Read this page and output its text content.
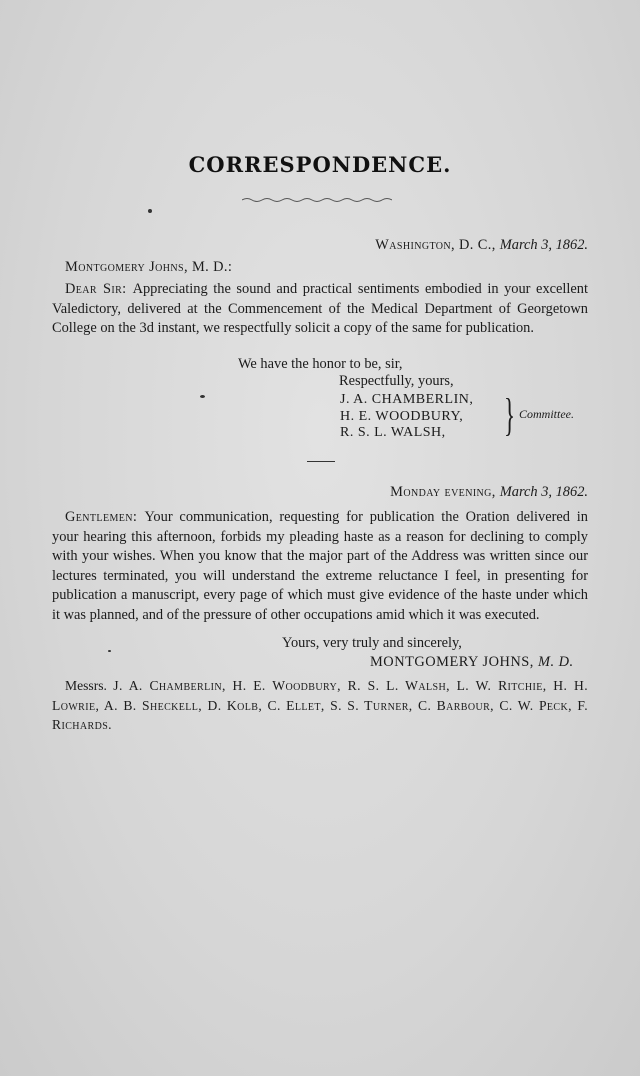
CORRESPONDENCE.

Washington, D. C., March 3, 1862.

Montgomery Johns, M. D.:

Dear Sir: Appreciating the sound and practical sentiments embodied in your excellent Valedictory, delivered at the Commencement of the Medical Department of Georgetown College on the 3d instant, we respectfully solicit a copy of the same for publication.

We have the honor to be, sir,

Respectfully, yours,

J. A. CHAMBERLIN,
H. E. WOODBURY,
R. S. L. WALSH,	} Committee.

Monday evening, March 3, 1862.

Gentlemen: Your communication, requesting for publication the Oration delivered in your hearing this afternoon, forbids my pleading haste as a reason for declining to comply with your wishes. When you know that the major part of the Address was written since our lectures terminated, you will understand the extreme reluctance I feel, in presenting for publication a manuscript, every page of which must give evidence of the haste under which it was planned, and of the pressure of other occupations amid which it was executed.

Yours, very truly and sincerely,

MONTGOMERY JOHNS, M. D.

Messrs. J. A. Chamberlin, H. E. Woodbury, R. S. L. Walsh, L. W. Ritchie, H. H. Lowrie, A. B. Sheckell, D. Kolb, C. Ellet, S. S. Turner, C. Barbour, C. W. Peck, F. Richards.
